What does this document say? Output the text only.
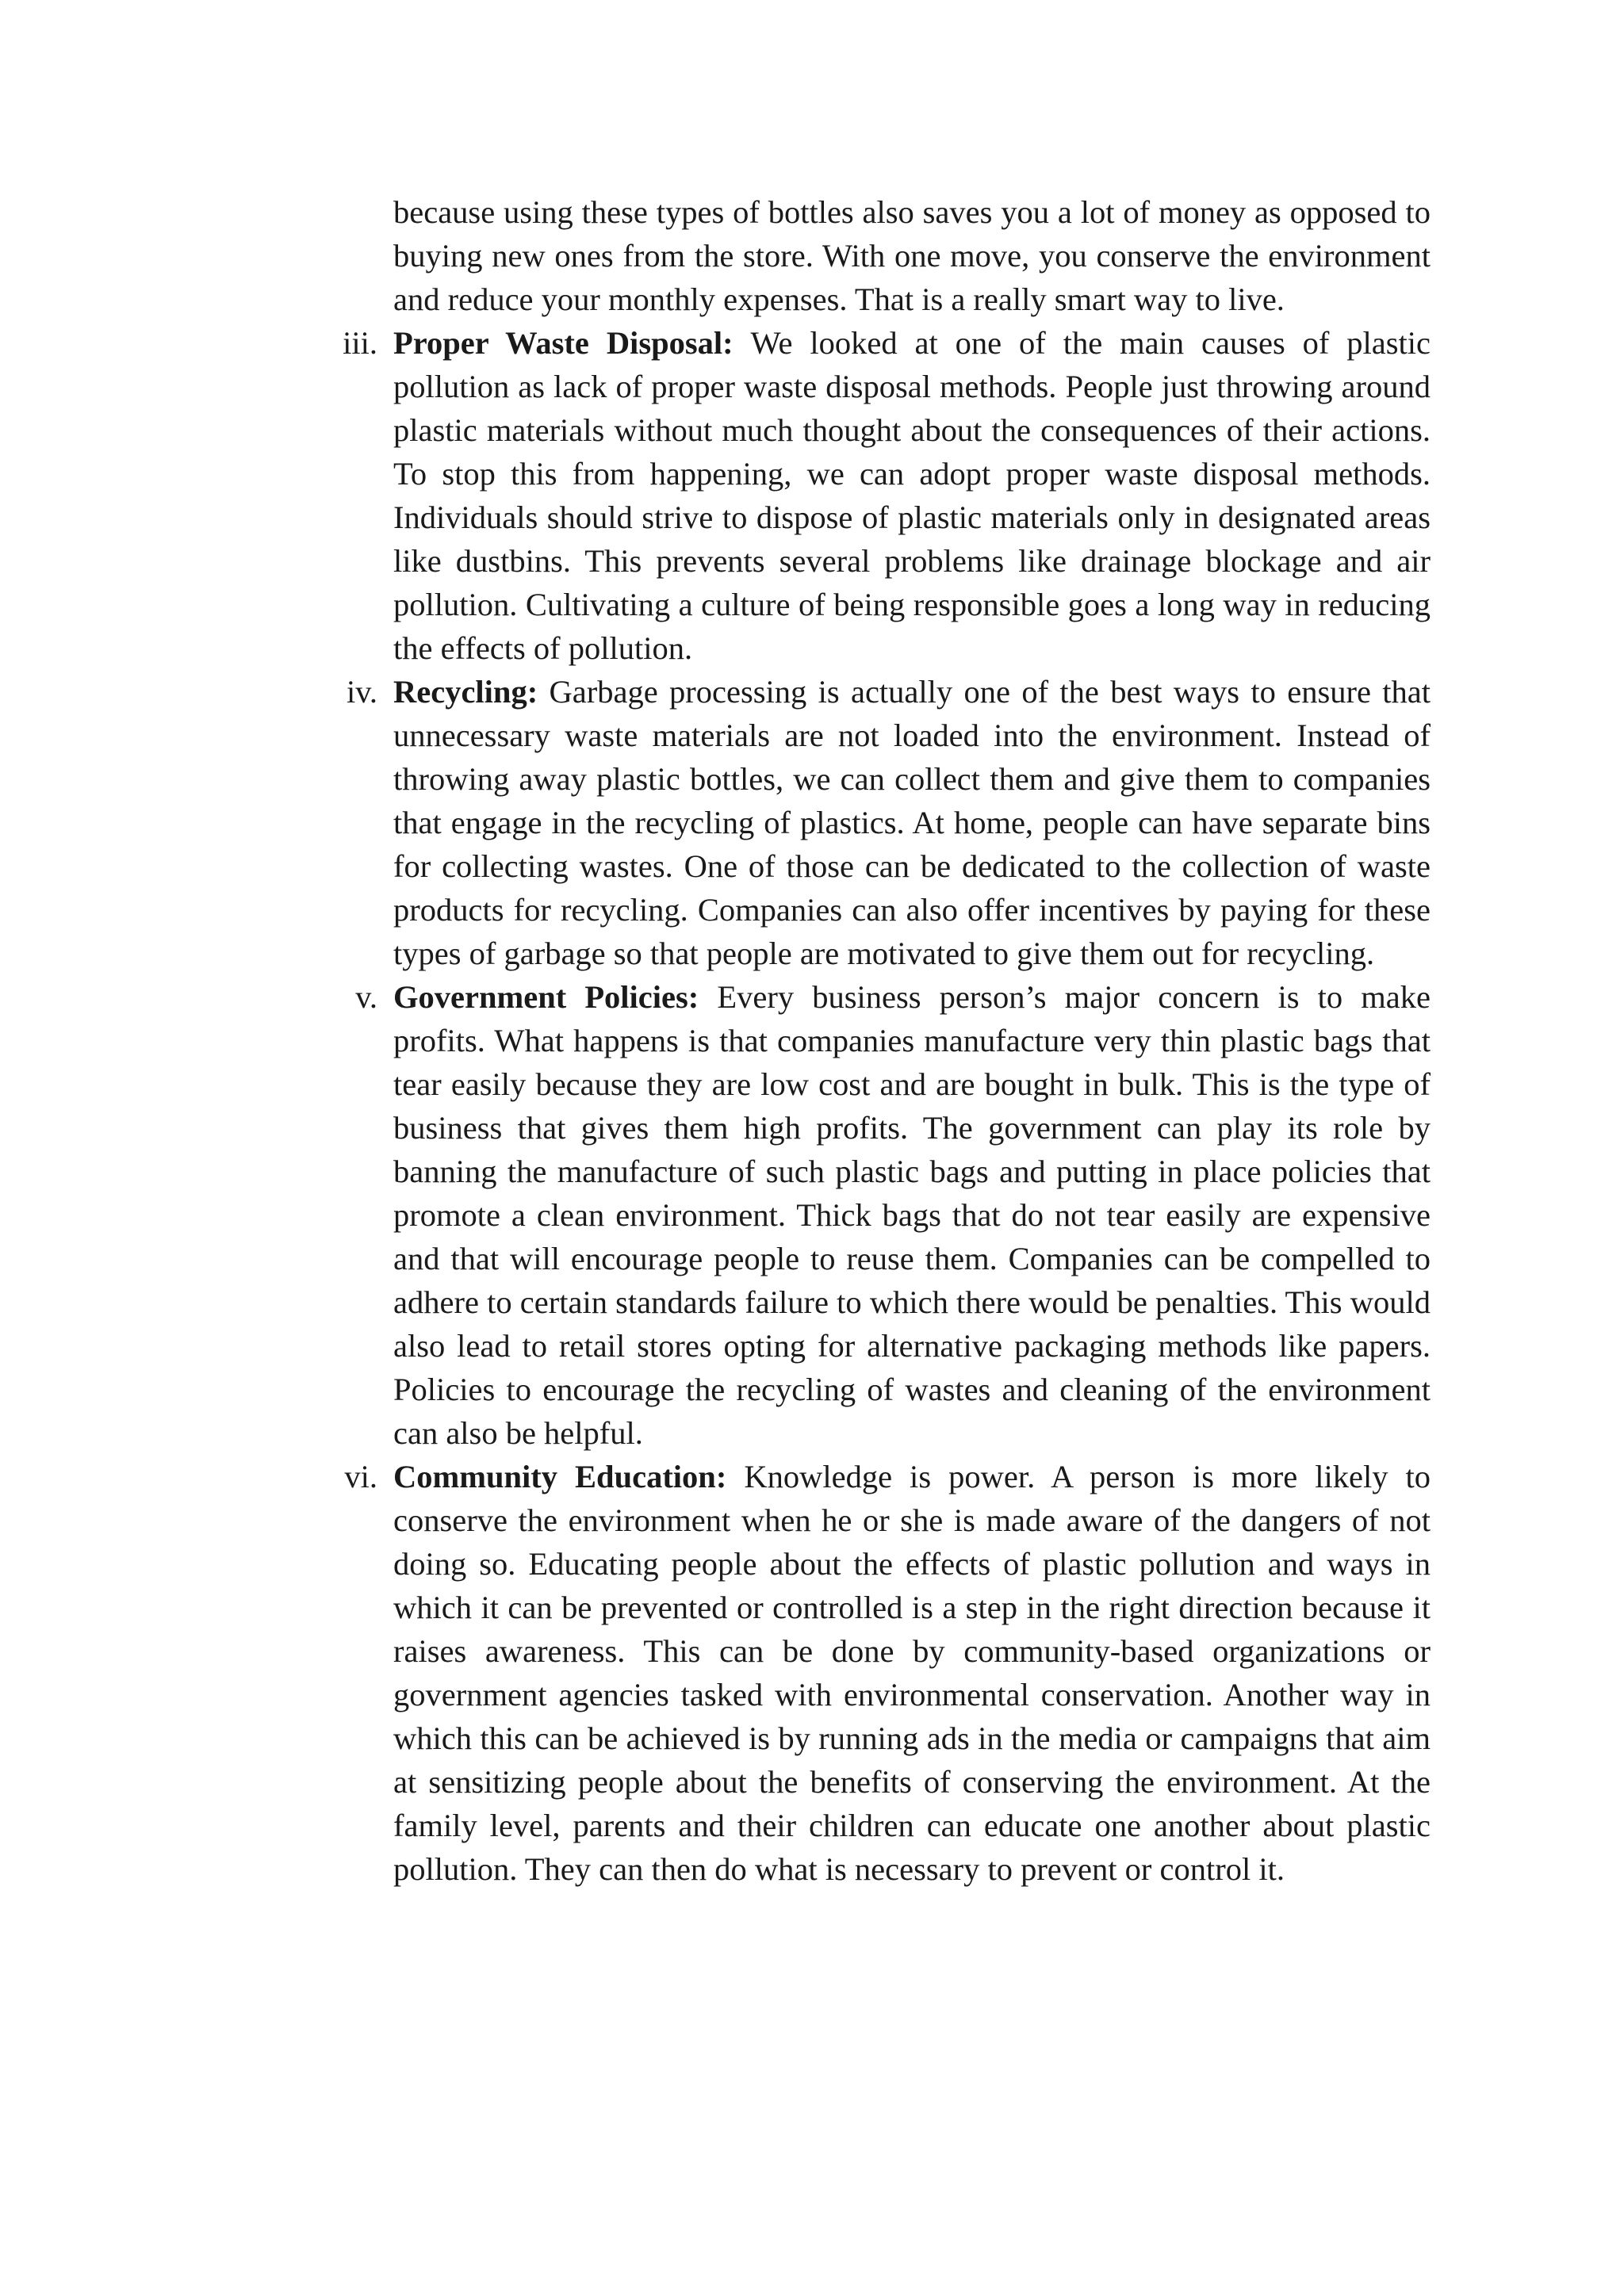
because using these types of bottles also saves you a lot of money as opposed to buying new ones from the store. With one move, you conserve the environment and reduce your monthly expenses. That is a really smart way to live.

iii. Proper Waste Disposal: We looked at one of the main causes of plastic pollution as lack of proper waste disposal methods. People just throwing around plastic materials without much thought about the consequences of their actions. To stop this from happening, we can adopt proper waste disposal methods. Individuals should strive to dispose of plastic materials only in designated areas like dustbins. This prevents several problems like drainage blockage and air pollution. Cultivating a culture of being responsible goes a long way in reducing the effects of pollution.
iv. Recycling: Garbage processing is actually one of the best ways to ensure that unnecessary waste materials are not loaded into the environment. Instead of throwing away plastic bottles, we can collect them and give them to companies that engage in the recycling of plastics. At home, people can have separate bins for collecting wastes. One of those can be dedicated to the collection of waste products for recycling. Companies can also offer incentives by paying for these types of garbage so that people are motivated to give them out for recycling.
v. Government Policies: Every business person’s major concern is to make profits. What happens is that companies manufacture very thin plastic bags that tear easily because they are low cost and are bought in bulk. This is the type of business that gives them high profits. The government can play its role by banning the manufacture of such plastic bags and putting in place policies that promote a clean environment. Thick bags that do not tear easily are expensive and that will encourage people to reuse them. Companies can be compelled to adhere to certain standards failure to which there would be penalties. This would also lead to retail stores opting for alternative packaging methods like papers. Policies to encourage the recycling of wastes and cleaning of the environment can also be helpful.
vi. Community Education: Knowledge is power. A person is more likely to conserve the environment when he or she is made aware of the dangers of not doing so. Educating people about the effects of plastic pollution and ways in which it can be prevented or controlled is a step in the right direction because it raises awareness. This can be done by community-based organizations or government agencies tasked with environmental conservation. Another way in which this can be achieved is by running ads in the media or campaigns that aim at sensitizing people about the benefits of conserving the environment. At the family level, parents and their children can educate one another about plastic pollution. They can then do what is necessary to prevent or control it.
